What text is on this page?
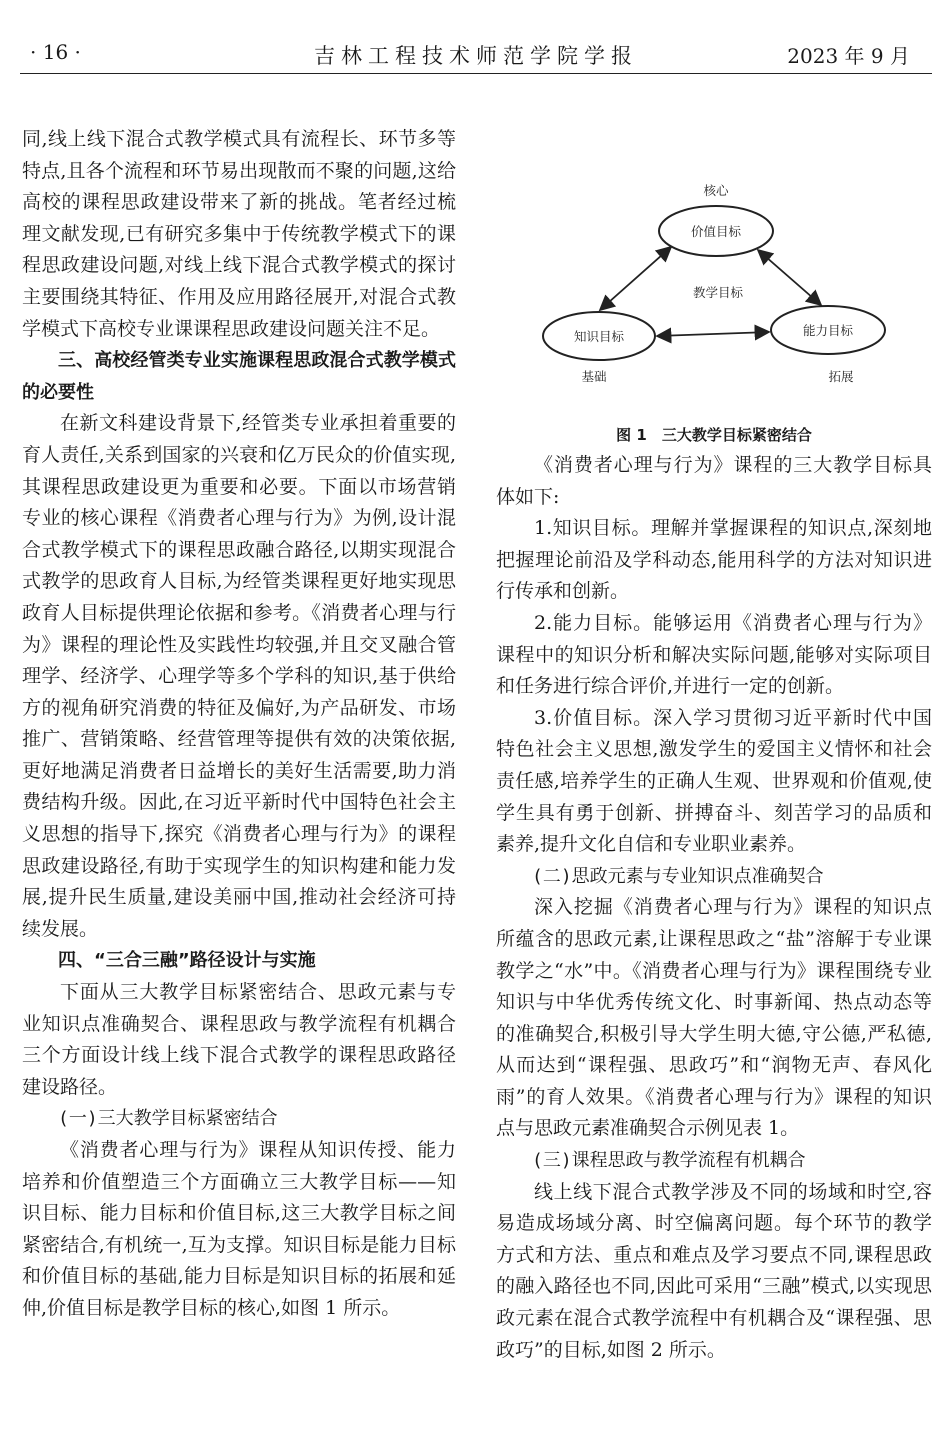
· 16 ·	吉林工程技术师范学院学报	2023 年 9 月

同,线上线下混合式教学模式具有流程长、环节多等特点,且各个流程和环节易出现散而不聚的问题,这给高校的课程思政建设带来了新的挑战。笔者经过梳理文献发现,已有研究多集中于传统教学模式下的课程思政建设问题,对线上线下混合式教学模式的探讨主要围绕其特征、作用及应用路径展开,对混合式教学模式下高校专业课课程思政建设问题关注不足。

三、高校经管类专业实施课程思政混合式教学模式的必要性

在新文科建设背景下,经管类专业承担着重要的育人责任,关系到国家的兴衰和亿万民众的价值实现,其课程思政建设更为重要和必要。下面以市场营销专业的核心课程《消费者心理与行为》为例,设计混合式教学模式下的课程思政融合路径,以期实现混合式教学的思政育人目标,为经管类课程更好地实现思政育人目标提供理论依据和参考。《消费者心理与行为》课程的理论性及实践性均较强,并且交叉融合管理学、经济学、心理学等多个学科的知识,基于供给方的视角研究消费的特征及偏好,为产品研发、市场推广、营销策略、经营管理等提供有效的决策依据,更好地满足消费者日益增长的美好生活需要,助力消费结构升级。因此,在习近平新时代中国特色社会主义思想的指导下,探究《消费者心理与行为》的课程思政建设路径,有助于实现学生的知识构建和能力发展,提升民生质量,建设美丽中国,推动社会经济可持续发展。

四、“三合三融”路径设计与实施

下面从三大教学目标紧密结合、思政元素与专业知识点准确契合、课程思政与教学流程有机耦合三个方面设计线上线下混合式教学的课程思政路径建设路径。

(一)三大教学目标紧密结合

《消费者心理与行为》课程从知识传授、能力培养和价值塑造三个方面确立三大教学目标——知识目标、能力目标和价值目标,这三大教学目标之间紧密结合,有机统一,互为支撑。知识目标是能力目标和价值目标的基础,能力目标是知识目标的拓展和延伸,价值目标是教学目标的核心,如图 1 所示。

核心
价值目标
知识目标	能力目标
教学目标
基础	拓展

图 1　三大教学目标紧密结合

《消费者心理与行为》课程的三大教学目标具体如下:

1.知识目标。理解并掌握课程的知识点,深刻地把握理论前沿及学科动态,能用科学的方法对知识进行传承和创新。

2.能力目标。能够运用《消费者心理与行为》课程中的知识分析和解决实际问题,能够对实际项目和任务进行综合评价,并进行一定的创新。

3.价值目标。深入学习贯彻习近平新时代中国特色社会主义思想,激发学生的爱国主义情怀和社会责任感,培养学生的正确人生观、世界观和价值观,使学生具有勇于创新、拼搏奋斗、刻苦学习的品质和素养,提升文化自信和专业职业素养。

(二)思政元素与专业知识点准确契合

深入挖掘《消费者心理与行为》课程的知识点所蕴含的思政元素,让课程思政之“盐”溶解于专业课教学之“水”中。《消费者心理与行为》课程围绕专业知识与中华优秀传统文化、时事新闻、热点动态等的准确契合,积极引导大学生明大德,守公德,严私德,从而达到“课程强、思政巧”和“润物无声、春风化雨”的育人效果。《消费者心理与行为》课程的知识点与思政元素准确契合示例见表 1。

(三)课程思政与教学流程有机耦合

线上线下混合式教学涉及不同的场域和时空,容易造成场域分离、时空偏离问题。每个环节的教学方式和方法、重点和难点及学习要点不同,课程思政的融入路径也不同,因此可采用“三融”模式,以实现思政元素在混合式教学流程中有机耦合及“课程强、思政巧”的目标,如图 2 所示。
